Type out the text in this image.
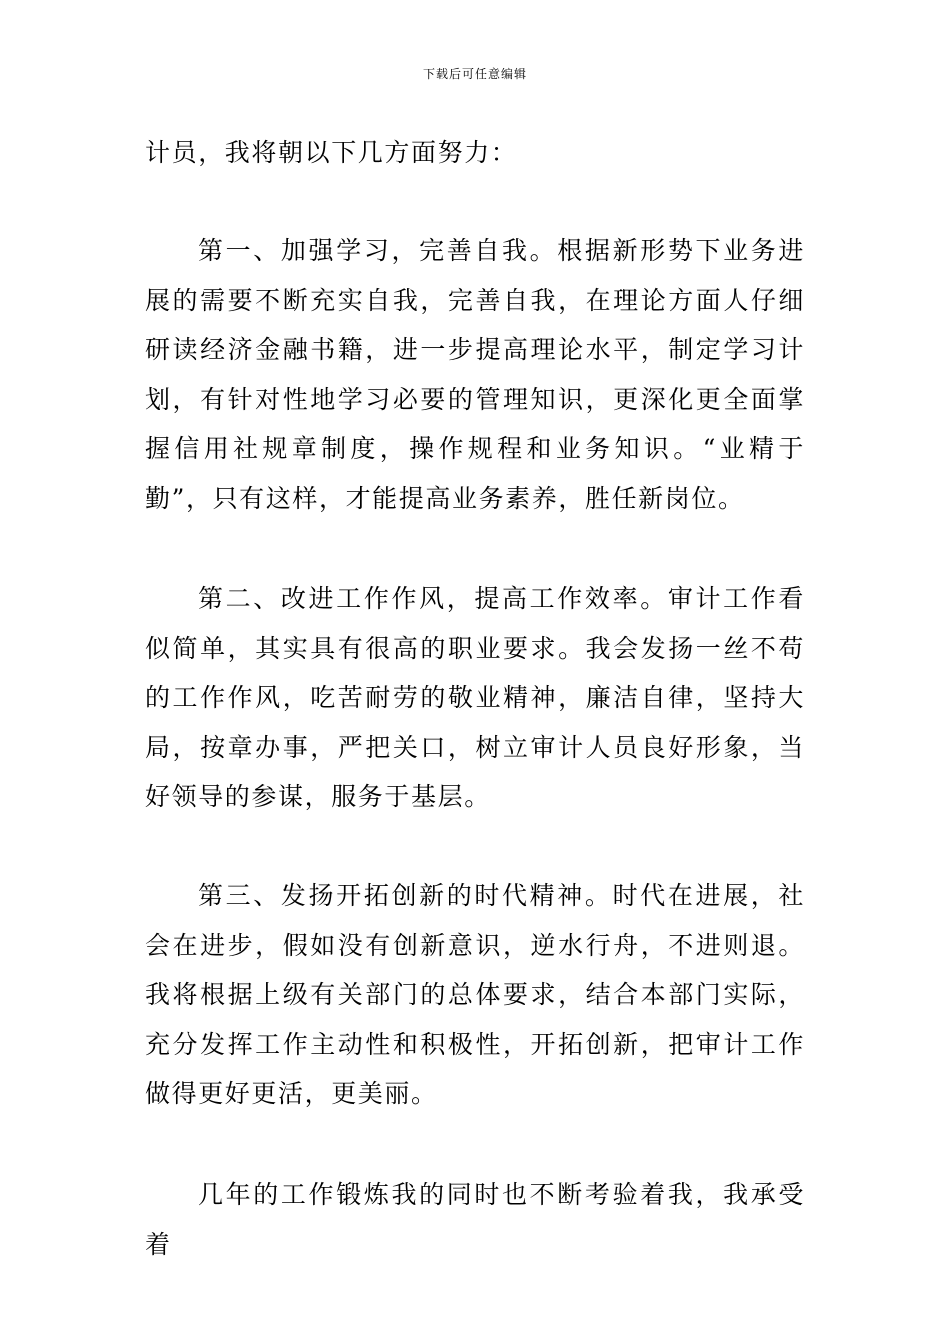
下载后可任意编辑

计员，我将朝以下几方面努力：

第一、加强学习，完善自我。根据新形势下业务进展的需要不断充实自我，完善自我，在理论方面人仔细研读经济金融书籍，进一步提高理论水平，制定学习计划，有针对性地学习必要的管理知识，更深化更全面掌握信用社规章制度，操作规程和业务知识。“业精于勤”，只有这样，才能提高业务素养，胜任新岗位。

第二、改进工作作风，提高工作效率。审计工作看似简单，其实具有很高的职业要求。我会发扬一丝不苟的工作作风，吃苦耐劳的敬业精神，廉洁自律，坚持大局，按章办事，严把关口，树立审计人员良好形象，当好领导的参谋，服务于基层。

第三、发扬开拓创新的时代精神。时代在进展，社会在进步，假如没有创新意识，逆水行舟，不进则退。我将根据上级有关部门的总体要求，结合本部门实际，充分发挥工作主动性和积极性，开拓创新，把审计工作做得更好更活，更美丽。

几年的工作锻炼我的同时也不断考验着我，我承受着
